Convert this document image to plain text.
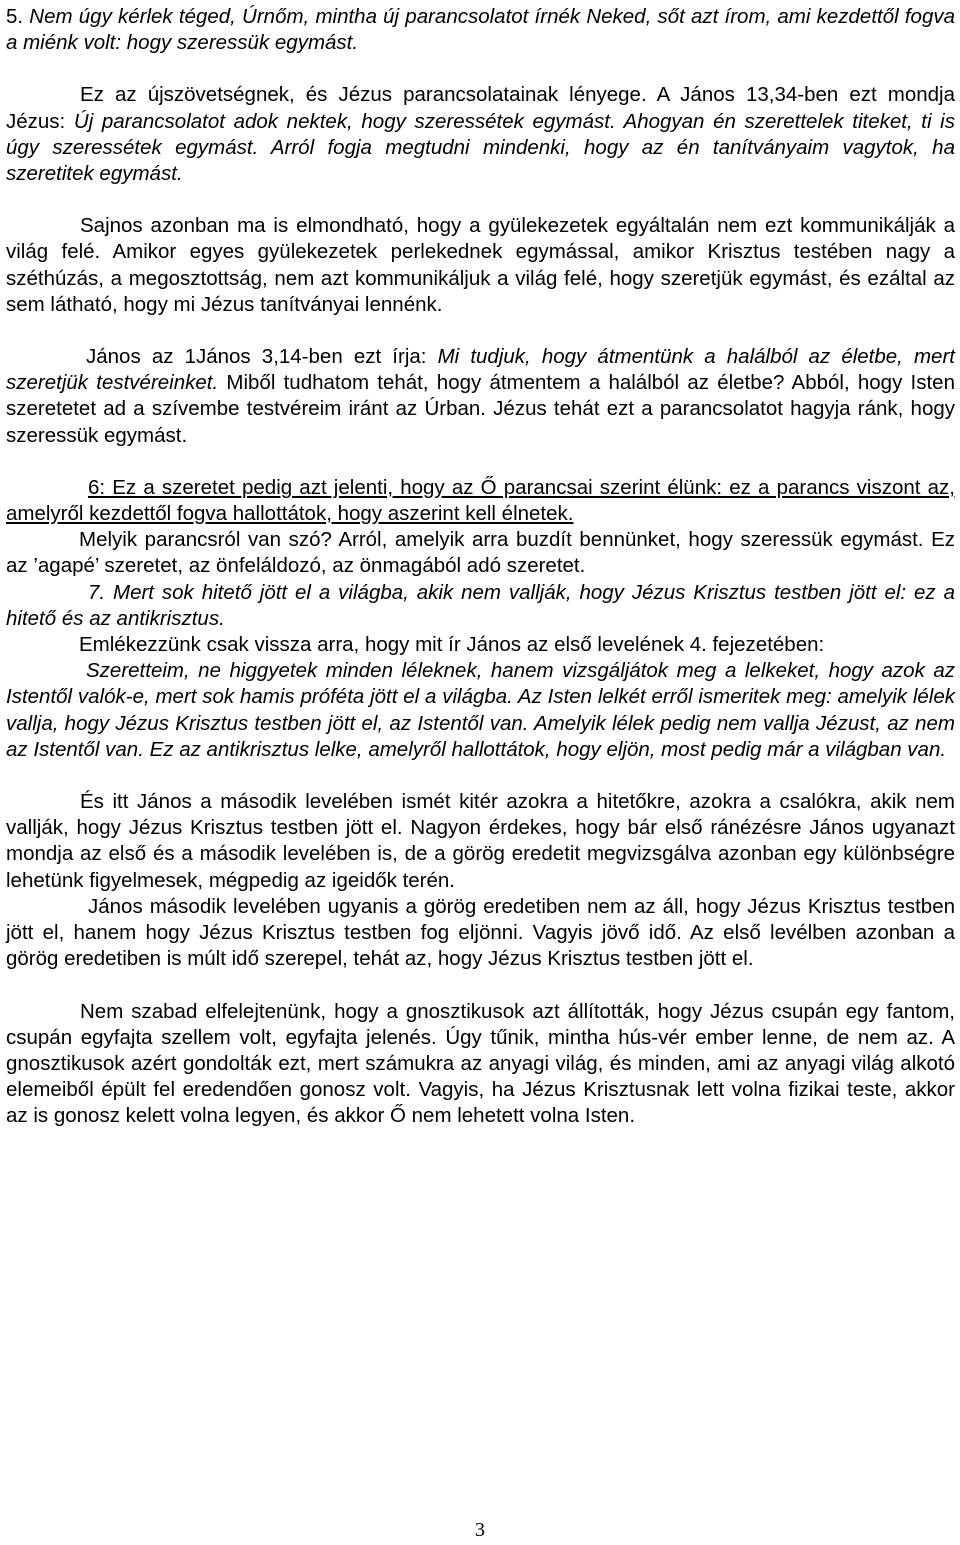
5. Nem úgy kérlek téged, Úrnőm, mintha új parancsolatot írnék Neked, sőt azt írom, ami kezdettől fogva a miénk volt: hogy szeressük egymást.

Ez az újszövetségnek, és Jézus parancsolatainak lényege. A János 13,34-ben ezt mondja Jézus: Új parancsolatot adok nektek, hogy szeressétek egymást. Ahogyan én szerettelek titeket, ti is úgy szeressétek egymást. Arról fogja megtudni mindenki, hogy az én tanítványaim vagytok, ha szeretitek egymást.

Sajnos azonban ma is elmondható, hogy a gyülekezetek egyáltalán nem ezt kommunikálják a világ felé. Amikor egyes gyülekezetek perlekednek egymással, amikor Krisztus testében nagy a széthúzás, a megosztottság, nem azt kommunikáljuk a világ felé, hogy szeretjük egymást, és ezáltal az sem látható, hogy mi Jézus tanítványai lennénk.

János az 1János 3,14-ben ezt írja: Mi tudjuk, hogy átmentünk a halálból az életbe, mert szeretjük testvéreinket. Miből tudhatom tehát, hogy átmentem a halálból az életbe? Abból, hogy Isten szeretetet ad a szívembe testvéreim iránt az Úrban. Jézus tehát ezt a parancsolatot hagyja ránk, hogy szeressük egymást.

6: Ez a szeretet pedig azt jelenti, hogy az Ő parancsai szerint élünk: ez a parancs viszont az, amelyről kezdettől fogva hallottátok, hogy aszerint kell élnetek.

Melyik parancsról van szó? Arról, amelyik arra buzdít bennünket, hogy szeressük egymást. Ez az ’agapé’ szeretet, az önfeláldozó, az önmagából adó szeretet.

7. Mert sok hitető jött el a világba, akik nem vallják, hogy Jézus Krisztus testben jött el: ez a hitető és az antikrisztus.

Emlékezzünk csak vissza arra, hogy mit ír János az első levelének 4. fejezetében:

Szeretteim, ne higgyetek minden léleknek, hanem vizsgáljátok meg a lelkeket, hogy azok az Istentől valók-e, mert sok hamis próféta jött el a világba. Az Isten lelkét erről ismeritek meg: amelyik lélek vallja, hogy Jézus Krisztus testben jött el, az Istentől van. Amelyik lélek pedig nem vallja Jézust, az nem az Istentől van. Ez az antikrisztus lelke, amelyről hallottátok, hogy eljön, most pedig már a világban van.

És itt János a második levelében ismét kitér azokra a hitetőkre, azokra a csalókra, akik nem vallják, hogy Jézus Krisztus testben jött el. Nagyon érdekes, hogy bár első ránézésre János ugyanazt mondja az első és a második levelében is, de a görög eredetit megvizsgálva azonban egy különbségre lehetünk figyelmesek, mégpedig az igeidők terén.

János második levelében ugyanis a görög eredetiben nem az áll, hogy Jézus Krisztus testben jött el, hanem hogy Jézus Krisztus testben fog eljönni. Vagyis jövő idő. Az első levélben azonban a görög eredetiben is múlt idő szerepel, tehát az, hogy Jézus Krisztus testben jött el.

Nem szabad elfelejtenünk, hogy a gnosztikusok azt állították, hogy Jézus csupán egy fantom, csupán egyfajta szellem volt, egyfajta jelenés. Úgy tűnik, mintha hús-vér ember lenne, de nem az. A gnosztikusok azért gondolták ezt, mert számukra az anyagi világ, és minden, ami az anyagi világ alkotó elemeiből épült fel eredendően gonosz volt. Vagyis, ha Jézus Krisztusnak lett volna fizikai teste, akkor az is gonosz kelett volna legyen, és akkor Ő nem lehetett volna Isten.

3
